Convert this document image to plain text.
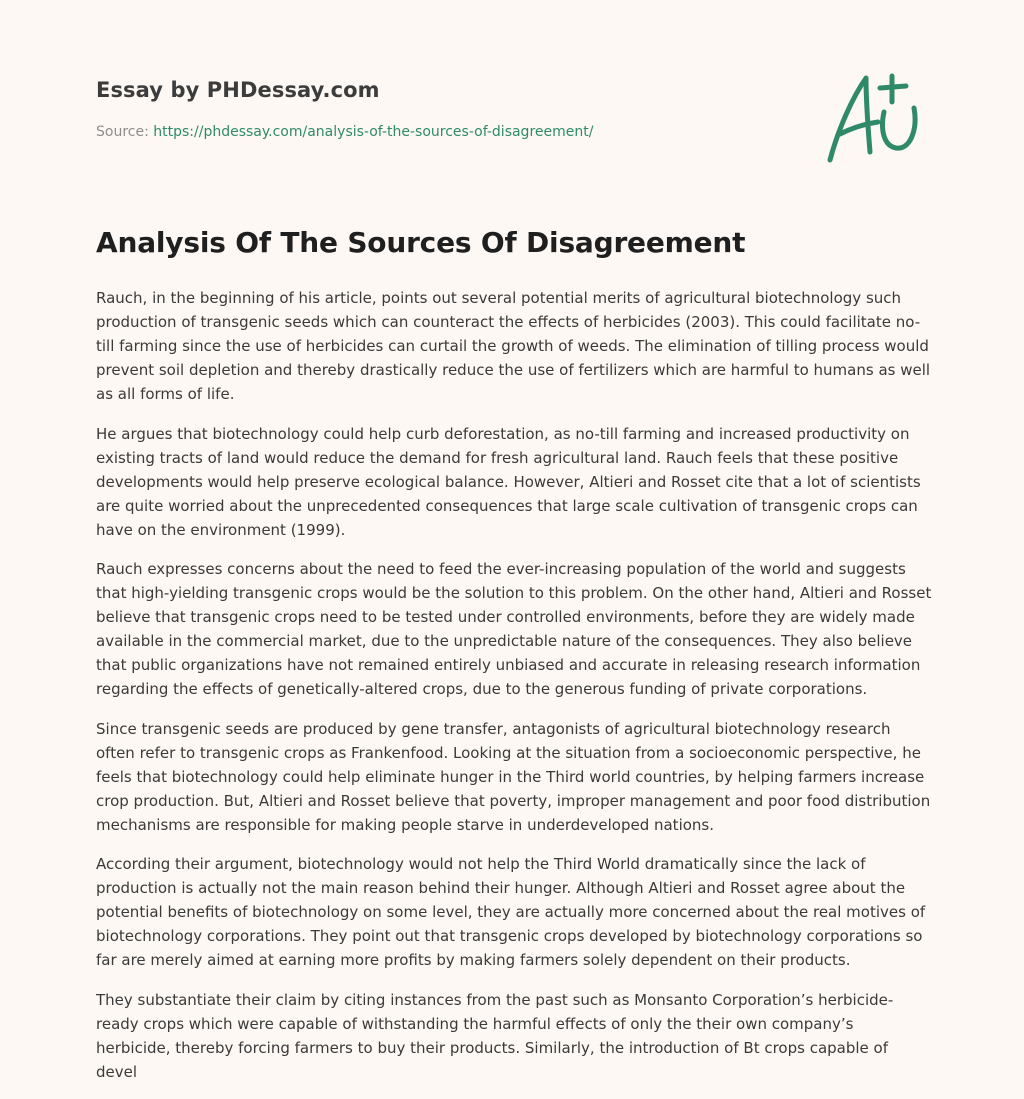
Essay by PHDessay.com
Source: https://phdessay.com/analysis-of-the-sources-of-disagreement/
Analysis Of The Sources Of Disagreement

Rauch, in the beginning of his article, points out several potential merits of agricultural biotechnology such production of transgenic seeds which can counteract the effects of herbicides (2003). This could facilitate no-till farming since the use of herbicides can curtail the growth of weeds. The elimination of tilling process would prevent soil depletion and thereby drastically reduce the use of fertilizers which are harmful to humans as well as all forms of life.

He argues that biotechnology could help curb deforestation, as no-till farming and increased productivity on existing tracts of land would reduce the demand for fresh agricultural land. Rauch feels that these positive developments would help preserve ecological balance. However, Altieri and Rosset cite that a lot of scientists are quite worried about the unprecedented consequences that large scale cultivation of transgenic crops can have on the environment (1999).

Rauch expresses concerns about the need to feed the ever-increasing population of the world and suggests that high-yielding transgenic crops would be the solution to this problem. On the other hand, Altieri and Rosset believe that transgenic crops need to be tested under controlled environments, before they are widely made available in the commercial market, due to the unpredictable nature of the consequences. They also believe that public organizations have not remained entirely unbiased and accurate in releasing research information regarding the effects of genetically-altered crops, due to the generous funding of private corporations.

Since transgenic seeds are produced by gene transfer, antagonists of agricultural biotechnology research often refer to transgenic crops as Frankenfood. Looking at the situation from a socioeconomic perspective, he feels that biotechnology could help eliminate hunger in the Third world countries, by helping farmers increase crop production. But, Altieri and Rosset believe that poverty, improper management and poor food distribution mechanisms are responsible for making people starve in underdeveloped nations.

According their argument, biotechnology would not help the Third World dramatically since the lack of production is actually not the main reason behind their hunger. Although Altieri and Rosset agree about the potential benefits of biotechnology on some level, they are actually more concerned about the real motives of biotechnology corporations. They point out that transgenic crops developed by biotechnology corporations so far are merely aimed at earning more profits by making farmers solely dependent on their products.

They substantiate their claim by citing instances from the past such as Monsanto Corporation’s herbicide-ready crops which were capable of withstanding the harmful effects of only the their own company’s herbicide, thereby forcing farmers to buy their products. Similarly, the introduction of Bt crops capable of devel
